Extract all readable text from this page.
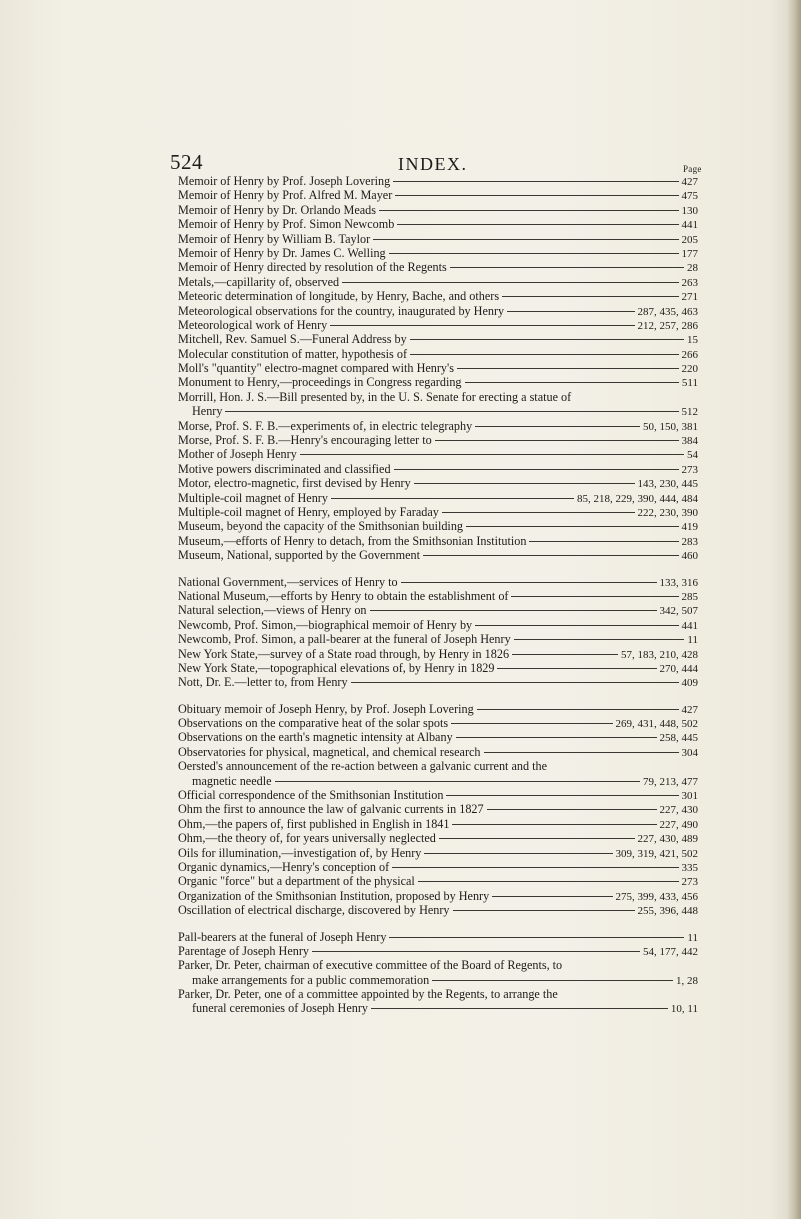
524	INDEX.	Page
Memoir of Henry by Prof. Joseph Lovering	427
Memoir of Henry by Prof. Alfred M. Mayer	475
Memoir of Henry by Dr. Orlando Meads	130
Memoir of Henry by Prof. Simon Newcomb	441
Memoir of Henry by William B. Taylor	205
Memoir of Henry by Dr. James C. Welling	177
Memoir of Henry directed by resolution of the Regents	28
Metals,—capillarity of, observed	263
Meteoric determination of longitude, by Henry, Bache, and others	271
Meteorological observations for the country, inaugurated by Henry	287, 435, 463
Meteorological work of Henry	212, 257, 286
Mitchell, Rev. Samuel S.—Funeral Address by	15
Molecular constitution of matter, hypothesis of	266
Moll's "quantity" electro-magnet compared with Henry's	220
Monument to Henry,—proceedings in Congress regarding	511
Morrill, Hon. J. S.—Bill presented by, in the U. S. Senate for erecting a statue of
Henry	512
Morse, Prof. S. F. B.—experiments of, in electric telegraphy	50, 150, 381
Morse, Prof. S. F. B.—Henry's encouraging letter to	384
Mother of Joseph Henry	54
Motive powers discriminated and classified	273
Motor, electro-magnetic, first devised by Henry	143, 230, 445
Multiple-coil magnet of Henry	85, 218, 229, 390, 444, 484
Multiple-coil magnet of Henry, employed by Faraday	222, 230, 390
Museum, beyond the capacity of the Smithsonian building	419
Museum,—efforts of Henry to detach, from the Smithsonian Institution	283
Museum, National, supported by the Government	460
National Government,—services of Henry to	133, 316
National Museum,—efforts by Henry to obtain the establishment of	285
Natural selection,—views of Henry on	342, 507
Newcomb, Prof. Simon,—biographical memoir of Henry by	441
Newcomb, Prof. Simon, a pall-bearer at the funeral of Joseph Henry	11
New York State,—survey of a State road through, by Henry in 1826	57, 183, 210, 428
New York State,—topographical elevations of, by Henry in 1829	270, 444
Nott, Dr. E.—letter to, from Henry	409
Obituary memoir of Joseph Henry, by Prof. Joseph Lovering	427
Observations on the comparative heat of the solar spots	269, 431, 448, 502
Observations on the earth's magnetic intensity at Albany	258, 445
Observatories for physical, magnetical, and chemical research	304
Oersted's announcement of the re-action between a galvanic current and the
magnetic needle	79, 213, 477
Official correspondence of the Smithsonian Institution	301
Ohm the first to announce the law of galvanic currents in 1827	227, 430
Ohm,—the papers of, first published in English in 1841	227, 490
Ohm,—the theory of, for years universally neglected	227, 430, 489
Oils for illumination,—investigation of, by Henry	309, 319, 421, 502
Organic dynamics,—Henry's conception of	335
Organic "force" but a department of the physical	273
Organization of the Smithsonian Institution, proposed by Henry	275, 399, 433, 456
Oscillation of electrical discharge, discovered by Henry	255, 396, 448
Pall-bearers at the funeral of Joseph Henry	11
Parentage of Joseph Henry	54, 177, 442
Parker, Dr. Peter, chairman of executive committee of the Board of Regents, to
make arrangements for a public commemoration	1, 28
Parker, Dr. Peter, one of a committee appointed by the Regents, to arrange the
funeral ceremonies of Joseph Henry	10, 11
